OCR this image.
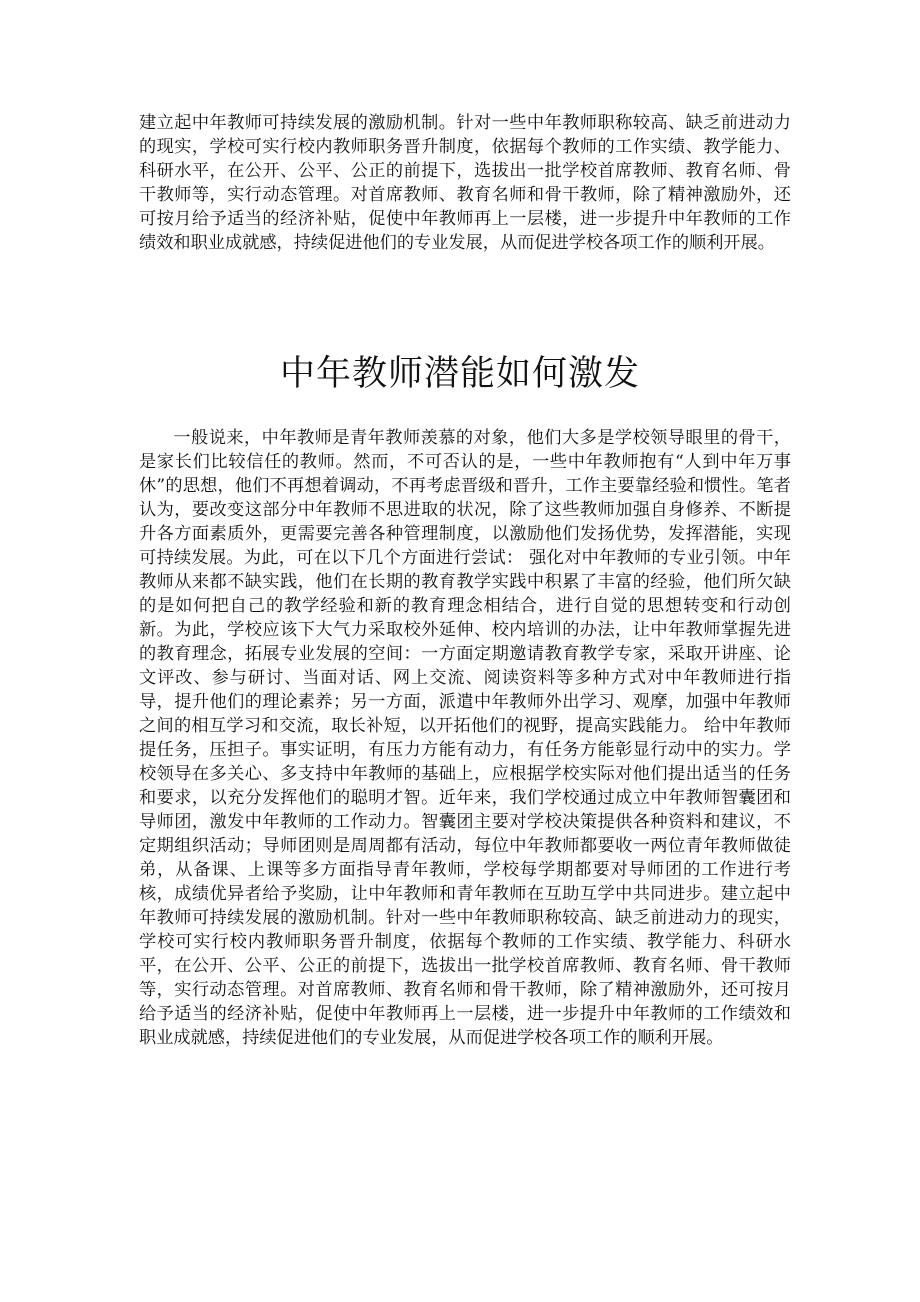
建立起中年教师可持续发展的激励机制。针对一些中年教师职称较高、缺乏前进动力的现实，学校可实行校内教师职务晋升制度，依据每个教师的工作实绩、教学能力、科研水平，在公开、公平、公正的前提下，选拔出一批学校首席教师、教育名师、骨干教师等，实行动态管理。对首席教师、教育名师和骨干教师，除了精神激励外，还可按月给予适当的经济补贴，促使中年教师再上一层楼，进一步提升中年教师的工作绩效和职业成就感，持续促进他们的专业发展，从而促进学校各项工作的顺利开展。

中年教师潜能如何激发

一般说来，中年教师是青年教师羡慕的对象，他们大多是学校领导眼里的骨干，是家长们比较信任的教师。然而，不可否认的是，一些中年教师抱有“人到中年万事休”的思想，他们不再想着调动，不再考虑晋级和晋升，工作主要靠经验和惯性。笔者认为，要改变这部分中年教师不思进取的状况，除了这些教师加强自身修养、不断提升各方面素质外，更需要完善各种管理制度，以激励他们发扬优势，发挥潜能，实现可持续发展。为此，可在以下几个方面进行尝试： 强化对中年教师的专业引领。中年教师从来都不缺实践，他们在长期的教育教学实践中积累了丰富的经验，他们所欠缺的是如何把自己的教学经验和新的教育理念相结合，进行自觉的思想转变和行动创新。为此，学校应该下大气力采取校外延伸、校内培训的办法，让中年教师掌握先进的教育理念，拓展专业发展的空间：一方面定期邀请教育教学专家，采取开讲座、论文评改、参与研讨、当面对话、网上交流、阅读资料等多种方式对中年教师进行指导，提升他们的理论素养；另一方面，派遣中年教师外出学习、观摩，加强中年教师之间的相互学习和交流，取长补短，以开拓他们的视野，提高实践能力。 给中年教师提任务，压担子。事实证明，有压力方能有动力，有任务方能彰显行动中的实力。学校领导在多关心、多支持中年教师的基础上，应根据学校实际对他们提出适当的任务和要求，以充分发挥他们的聪明才智。近年来，我们学校通过成立中年教师智囊团和导师团，激发中年教师的工作动力。智囊团主要对学校决策提供各种资料和建议，不定期组织活动；导师团则是周周都有活动，每位中年教师都要收一两位青年教师做徒弟，从备课、上课等多方面指导青年教师，学校每学期都要对导师团的工作进行考核，成绩优异者给予奖励，让中年教师和青年教师在互助互学中共同进步。建立起中年教师可持续发展的激励机制。针对一些中年教师职称较高、缺乏前进动力的现实，学校可实行校内教师职务晋升制度，依据每个教师的工作实绩、教学能力、科研水平，在公开、公平、公正的前提下，选拔出一批学校首席教师、教育名师、骨干教师等，实行动态管理。对首席教师、教育名师和骨干教师，除了精神激励外，还可按月给予适当的经济补贴，促使中年教师再上一层楼，进一步提升中年教师的工作绩效和职业成就感，持续促进他们的专业发展，从而促进学校各项工作的顺利开展。
